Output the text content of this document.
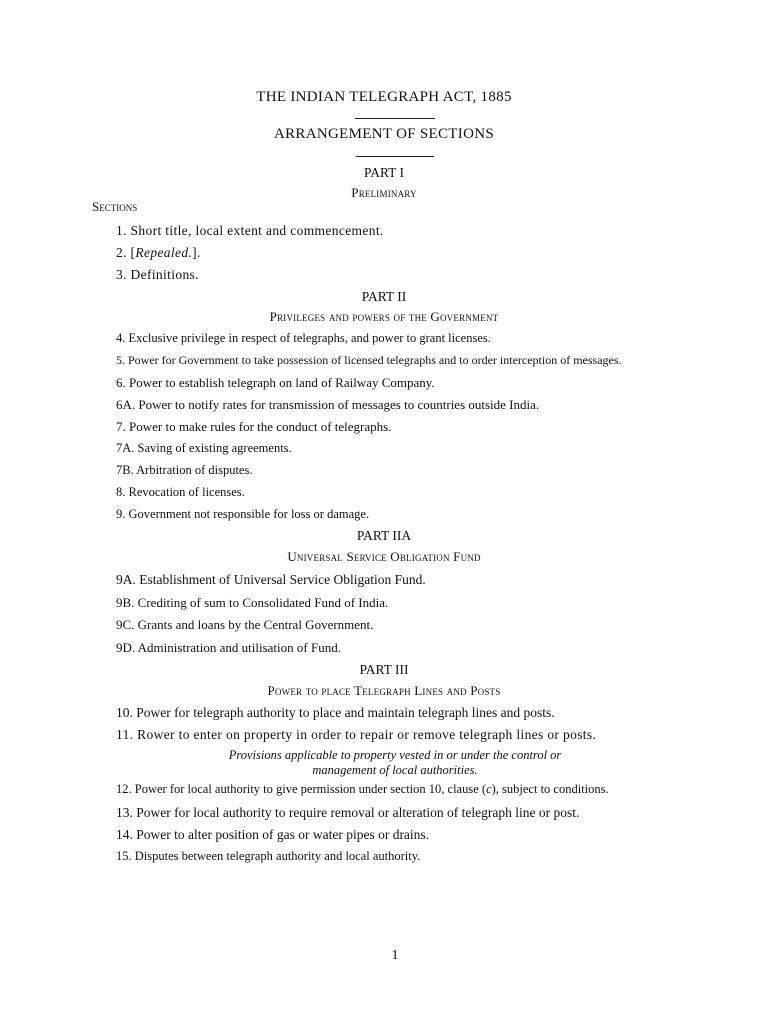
THE INDIAN TELEGRAPH ACT, 1885
ARRANGEMENT OF SECTIONS
PART I
Preliminary
Sections
1. Short title, local extent and commencement.
2. [Repealed.].
3. Definitions.
PART II
Privileges and powers of the Government
4. Exclusive privilege in respect of telegraphs, and power to grant licenses.
5. Power for Government to take possession of licensed telegraphs and to order interception of messages.
6. Power to establish telegraph on land of Railway Company.
6A. Power to notify rates for transmission of messages to countries outside India.
7. Power to make rules for the conduct of telegraphs.
7A. Saving of existing agreements.
7B. Arbitration of disputes.
8. Revocation of licenses.
9. Government not responsible for loss or damage.
PART IIA
Universal Service Obligation Fund
9A. Establishment of Universal Service Obligation Fund.
9B. Crediting of sum to Consolidated Fund of India.
9C. Grants and loans by the Central Government.
9D. Administration and utilisation of Fund.
PART III
Power to place Telegraph Lines and Posts
10. Power for telegraph authority to place and maintain telegraph lines and posts.
11. Rower to enter on property in order to repair or remove telegraph lines or posts.
Provisions applicable to property vested in or under the control or
management of local authorities.
12. Power for local authority to give permission under section 10, clause (c), subject to conditions.
13. Power for local authority to require removal or alteration of telegraph line or post.
14. Power to alter position of gas or water pipes or drains.
15. Disputes between telegraph authority and local authority.
1
